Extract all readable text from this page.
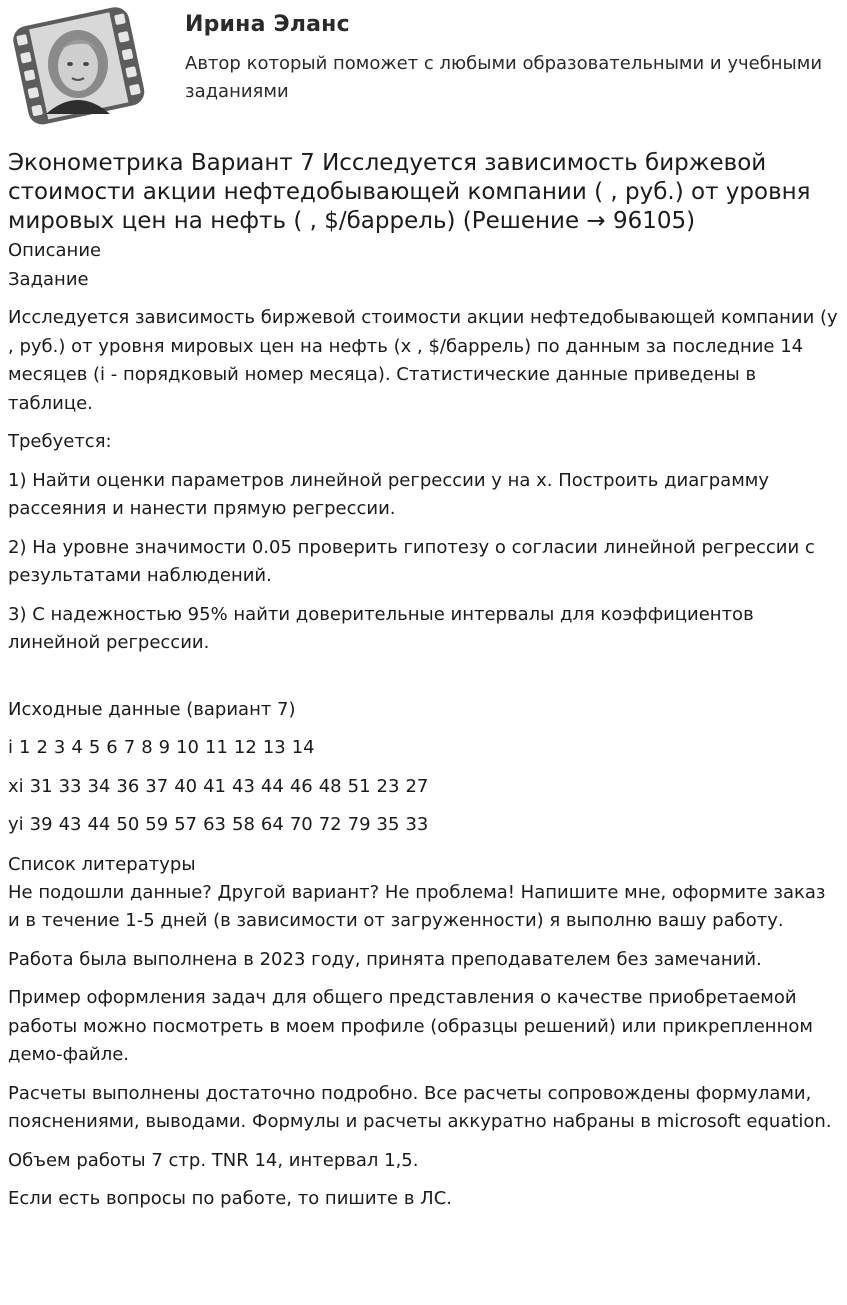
Ирина Эланс
Автор который поможет с любыми образовательными и учебными заданиями
Эконометрика Вариант 7 Исследуется зависимость биржевой стоимости акции нефтедобывающей компании ( , руб.) от уровня мировых цен на нефть ( , $/баррель) (Решение → 96105)
Описание
Задание

Исследуется зависимость биржевой стоимости акции нефтедобывающей компании (y , руб.) от уровня мировых цен на нефть (x , $/баррель) по данным за последние 14 месяцев (i - порядковый номер месяца). Статистические данные приведены в таблице.

Требуется:

1) Найти оценки параметров линейной регрессии y на x. Построить диаграмму рассеяния и нанести прямую регрессии.

2) На уровне значимости 0.05 проверить гипотезу о согласии линейной регрессии с результатами наблюдений.

3) С надежностью 95% найти доверительные интервалы для коэффициентов линейной регрессии.

Исходные данные (вариант 7)

i 1 2 3 4 5 6 7 8 9 10 11 12 13 14
xi 31 33 34 36 37 40 41 43 44 46 48 51 23 27
yi 39 43 44 50 59 57 63 58 64 70 72 79 35 33
Список литературы

Не подошли данные? Другой вариант? Не проблема! Напишите мне, оформите заказ и в течение 1-5 дней (в зависимости от загруженности) я выполню вашу работу.

Работа была выполнена в 2023 году, принята преподавателем без замечаний.

Пример оформления задач для общего представления о качестве приобретаемой работы можно посмотреть в моем профиле (образцы решений) или прикрепленном демо-файле.

Расчеты выполнены достаточно подробно. Все расчеты сопровождены формулами, пояснениями, выводами. Формулы и расчеты аккуратно набраны в microsoft equation.

Объем работы 7 стр. TNR 14, интервал 1,5.

Если есть вопросы по работе, то пишите в ЛС.
